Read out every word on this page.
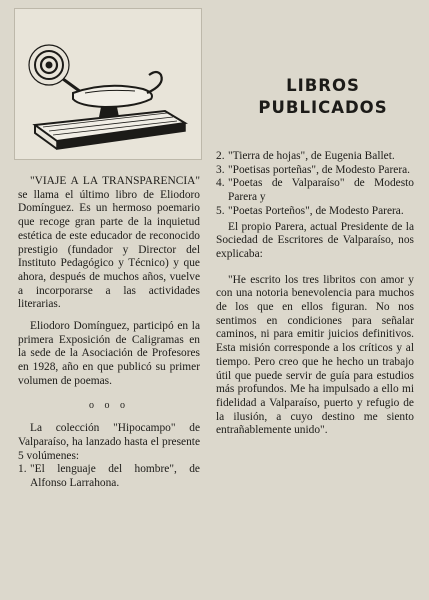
LIBROS
PUBLICADOS

"VIAJE A LA TRANSPARENCIA" se llama el último libro de Eliodoro Domínguez. Es un hermoso poemario que recoge gran parte de la inquietud estética de este educador de reconocido prestigio (fundador y Director del Instituto Pedagógico y Técnico) y que ahora, después de muchos años, vuelve a incorporarse a las actividades literarias.

Eliodoro Domínguez, participó en la primera Exposición de Caligramas en la sede de la Asociación de Profesores en 1928, año en que publicó su primer volumen de poemas.

o o o

La colección "Hipocampo" de Valparaíso, ha lanzado hasta el presente 5 volúmenes:

1. "El lenguaje del hombre", de Alfonso Larrahona.
2. "Tierra de hojas", de Eugenia Ballet.
3. "Poetisas porteñas", de Modesto Parera.
4. "Poetas de Valparaíso" de Modesto Parera y
5. "Poetas Porteños", de Modesto Parera.

El propio Parera, actual Presidente de la Sociedad de Escritores de Valparaíso, nos explicaba:

"He escrito los tres libritos con amor y con una notoria benevolencia para muchos de los que en ellos figuran. No nos sentimos en condiciones para señalar caminos, ni para emitir juicios definitivos. Esta misión corresponde a los críticos y al tiempo. Pero creo que he hecho un trabajo útil que puede servir de guía para estudios más profundos. Me ha impulsado a ello mi fidelidad a Valparaíso, puerto y refugio de la ilusión, a cuyo destino me siento entrañablemente unido".
